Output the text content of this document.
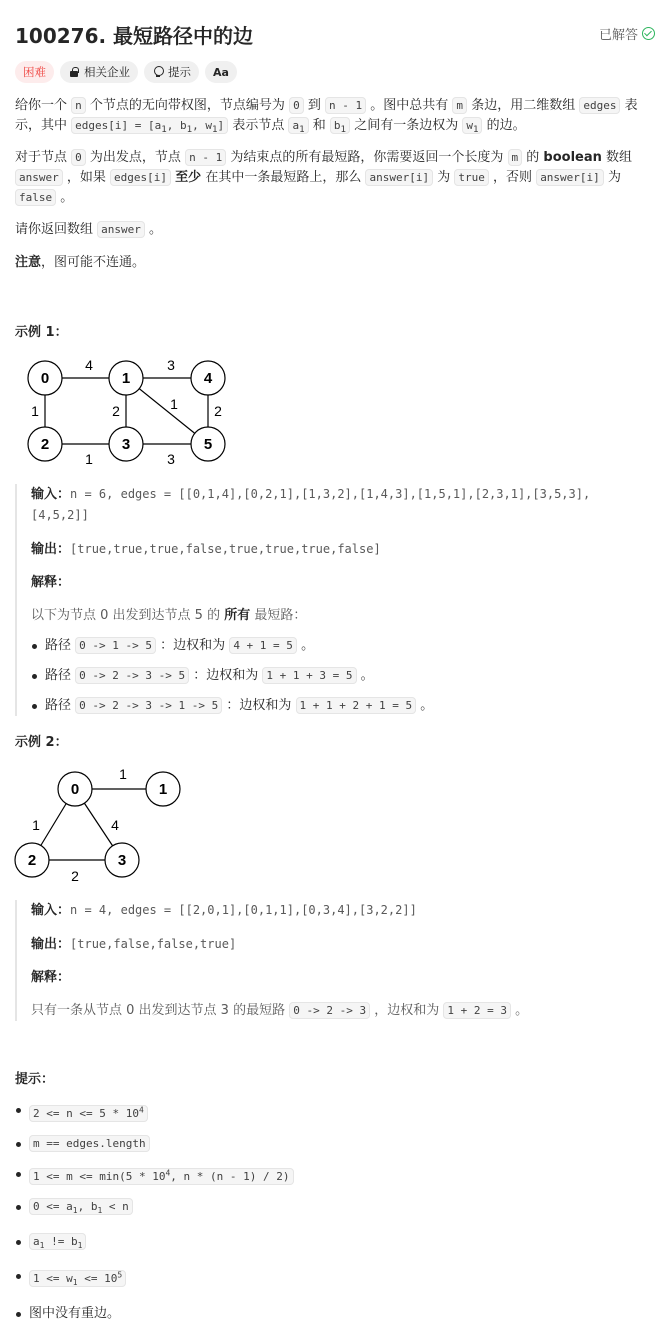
100276. 最短路径中的边	已解答
困难	相关企业	提示 Aa
给你一个 n 个节点的无向带权图，节点编号为 0 到 n - 1 。图中总共有 m 条边，用二维数组 edges 表示，其中 edges[i] = [$a_1$, $b_1$, $w_1$] 表示节点 $a_1$ 和 $b_1$ 之间有一条边权为 $w_1$ 的边。
对于节点 0 为出发点，节点 n - 1 为结束点的所有最短路，你需要返回一个长度为 m 的 boolean 数组 answer ，如果 edges[i] 至少 在其中一条最短路上，那么 answer[i] 为 true ，否则 answer[i] 为 false 。
请你返回数组 answer 。
注意，图可能不连通。
示例 1：
4	3
1	2	1	2
1	3
0	1	4
2	3	5
输入：n = 6, edges = [[0,1,4],[0,2,1],[1,3,2],[1,4,3],[1,5,1],[2,3,1],[3,5,3],
[4,5,2]]
输出：[true,true,true,false,true,true,true,false]
解释：
以下为节点 0 出发到达节点 5 的 所有 最短路：
路径 0 -> 1 -> 5 ：边权和为 4 + 1 = 5 。
路径 0 -> 2 -> 3 -> 5 ：边权和为 1 + 1 + 3 = 5 。
路径 0 -> 2 -> 3 -> 1 -> 5 ：边权和为 1 + 1 + 2 + 1 = 5 。
示例 2：
1
1	4
2
0	1
2	3
输入：n = 4, edges = [[2,0,1],[0,1,1],[0,3,4],[3,2,2]]
输出：[true,false,false,true]
解释：
只有一条从节点 0 出发到达节点 3 的最短路 0 -> 2 -> 3 ，边权和为 1 + 2 = 3 。
提示：
$2 <= n <= 5 * 10^4$
m == edges.length
$1 <= m <= \min(5 * 10^4$, n * (n - 1) / 2)
$0 <= a_1$, $b_1 < n$
$a_1$ != $b_1$
$1 <= w_1 <= 10^5$
图中没有重边。
